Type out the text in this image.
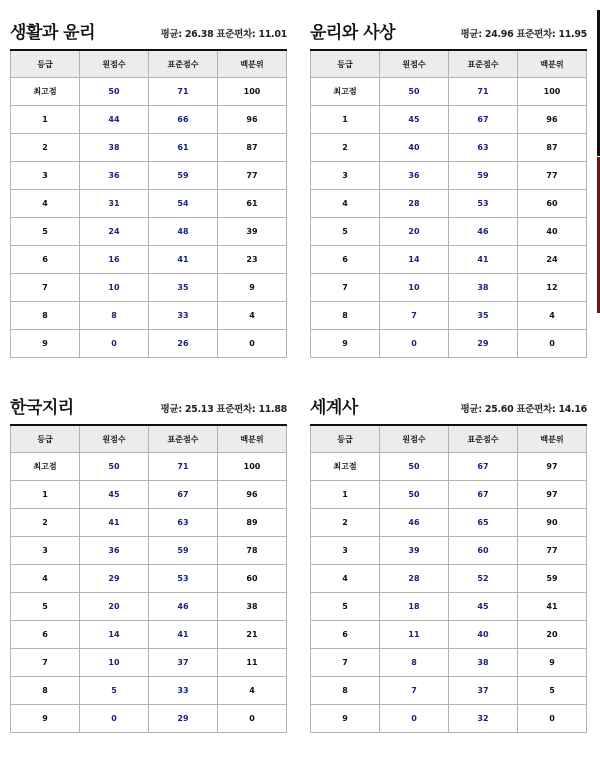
생활과 윤리	평균: 26.38 표준편차: 11.01
등급	원점수	표준점수	백분위
최고점	50	71	100
1	44	66	96
2	38	61	87
3	36	59	77
4	31	54	61
5	24	48	39
6	16	41	23
7	10	35	9
8	8	33	4
9	0	26	0
윤리와 사상	평균: 24.96 표준편차: 11.95
등급	원점수	표준점수	백분위
최고점	50	71	100
1	45	67	96
2	40	63	87
3	36	59	77
4	28	53	60
5	20	46	40
6	14	41	24
7	10	38	12
8	7	35	4
9	0	29	0
한국지리	평균: 25.13 표준편차: 11.88
등급	원점수	표준점수	백분위
최고점	50	71	100
1	45	67	96
2	41	63	89
3	36	59	78
4	29	53	60
5	20	46	38
6	14	41	21
7	10	37	11
8	5	33	4
9	0	29	0
세계사	평균: 25.60 표준편차: 14.16
등급	원점수	표준점수	백분위
최고점	50	67	97
1	50	67	97
2	46	65	90
3	39	60	77
4	28	52	59
5	18	45	41
6	11	40	20
7	8	38	9
8	7	37	5
9	0	32	0
